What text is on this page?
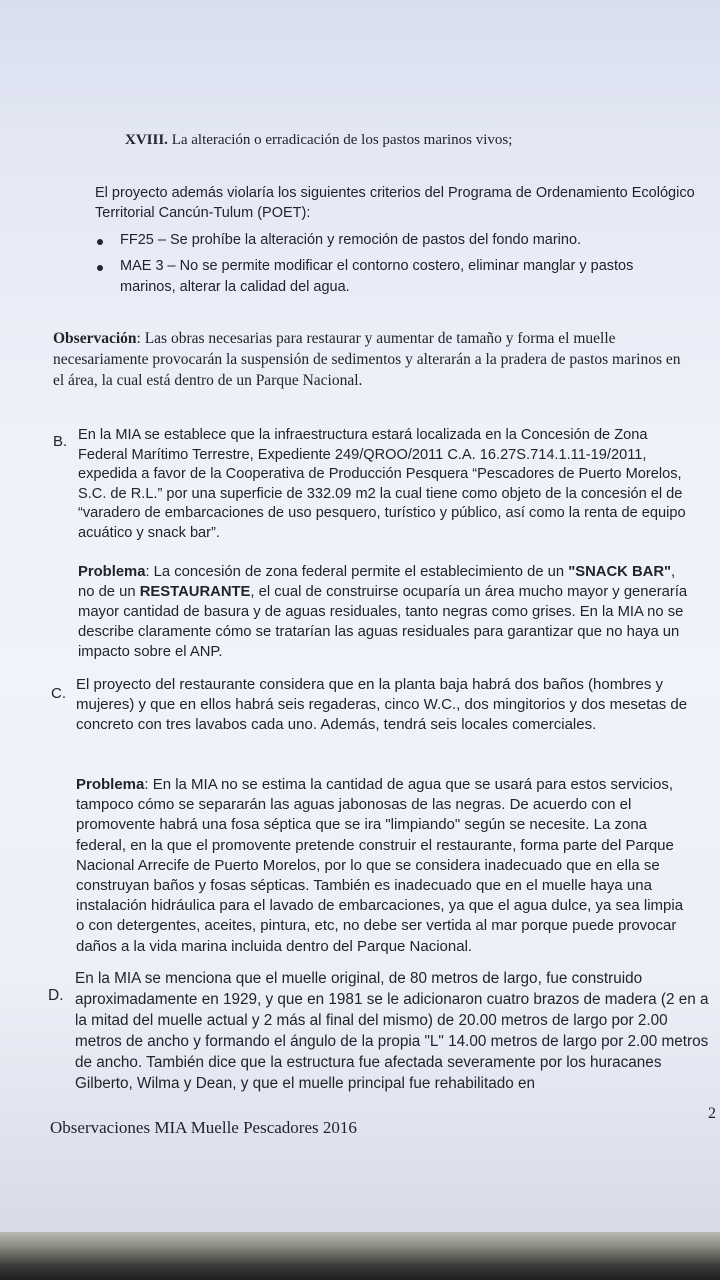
XVIII. La alteración o erradicación de los pastos marinos vivos;

El proyecto además violaría los siguientes criterios del Programa de Ordenamiento Ecológico Territorial Cancún-Tulum (POET):

FF25 – Se prohíbe la alteración y remoción de pastos del fondo marino.

MAE 3 – No se permite modificar el contorno costero, eliminar manglar y pastos marinos, alterar la calidad del agua.

Observación: Las obras necesarias para restaurar y aumentar de tamaño y forma el muelle necesariamente provocarán la suspensión de sedimentos y alterarán a la pradera de pastos marinos en el área, la cual está dentro de un Parque Nacional.

B. En la MIA se establece que la infraestructura estará localizada en la Concesión de Zona Federal Marítimo Terrestre, Expediente 249/QROO/2011 C.A. 16.27S.714.1.11-19/2011, expedida a favor de la Cooperativa de Producción Pesquera “Pescadores de Puerto Morelos, S.C. de R.L.” por una superficie de 332.09 m2 la cual tiene como objeto de la concesión el de “varadero de embarcaciones de uso pesquero, turístico y público, así como la renta de equipo acuático y snack bar”.

Problema: La concesión de zona federal permite el establecimiento de un "SNACK BAR", no de un RESTAURANTE, el cual de construirse ocuparía un área mucho mayor y generaría mayor cantidad de basura y de aguas residuales, tanto negras como grises. En la MIA no se describe claramente cómo se tratarían las aguas residuales para garantizar que no haya un impacto sobre el ANP.

C.

El proyecto del restaurante considera que en la planta baja habrá dos baños (hombres y mujeres) y que en ellos habrá seis regaderas, cinco W.C., dos mingitorios y dos mesetas de concreto con tres lavabos cada uno. Además, tendrá seis locales comerciales.

Problema: En la MIA no se estima la cantidad de agua que se usará para estos servicios, tampoco cómo se separarán las aguas jabonosas de las negras. De acuerdo con el promovente habrá una fosa séptica que se ira "limpiando" según se necesite. La zona federal, en la que el promovente pretende construir el restaurante, forma parte del Parque Nacional Arrecife de Puerto Morelos, por lo que se considera inadecuado que en ella se construyan baños y fosas sépticas. También es inadecuado que en el muelle haya una instalación hidráulica para el lavado de embarcaciones, ya que el agua dulce, ya sea limpia o con detergentes, aceites, pintura, etc, no debe ser vertida al mar porque puede provocar daños a la vida marina incluida dentro del Parque Nacional.

D.

En la MIA se menciona que el muelle original, de 80 metros de largo, fue construido aproximadamente en 1929, y que en 1981 se le adicionaron cuatro brazos de madera (2 en a la mitad del muelle actual y 2 más al final del mismo) de 20.00 metros de largo por 2.00 metros de ancho y formando el ángulo de la propia "L" 14.00 metros de largo por 2.00 metros de ancho. También dice que la estructura fue afectada severamente por los huracanes Gilberto, Wilma y Dean, y que el muelle principal fue rehabilitado en

2
Observaciones MIA Muelle Pescadores 2016
